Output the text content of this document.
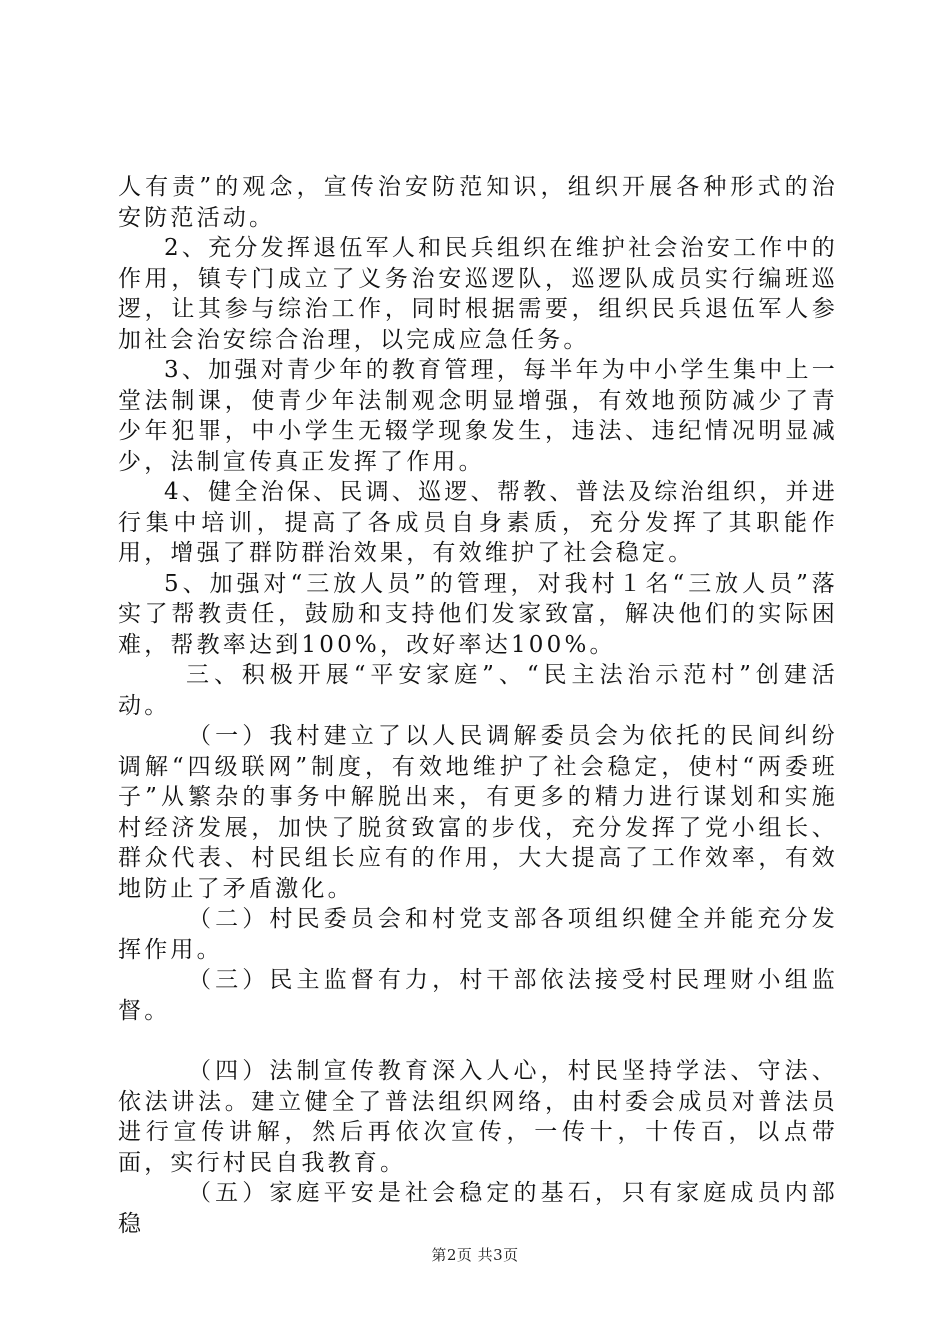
人有责”的观念，宣传治安防范知识，组织开展各种形式的治安防范活动。

2、充分发挥退伍军人和民兵组织在维护社会治安工作中的作用，镇专门成立了义务治安巡逻队，巡逻队成员实行编班巡逻，让其参与综治工作，同时根据需要，组织民兵退伍军人参加社会治安综合治理，以完成应急任务。

3、加强对青少年的教育管理，每半年为中小学生集中上一堂法制课，使青少年法制观念明显增强，有效地预防减少了青少年犯罪，中小学生无辍学现象发生，违法、违纪情况明显减少，法制宣传真正发挥了作用。

4、健全治保、民调、巡逻、帮教、普法及综治组织，并进行集中培训，提高了各成员自身素质，充分发挥了其职能作用，增强了群防群治效果，有效维护了社会稳定。

5、加强对“三放人员”的管理，对我村１名“三放人员”落实了帮教责任，鼓励和支持他们发家致富，解决他们的实际困难，帮教率达到100%，改好率达100%。

三、积极开展“平安家庭”、“民主法治示范村”创建活动。

（一）我村建立了以人民调解委员会为依托的民间纠纷调解“四级联网”制度，有效地维护了社会稳定，使村“两委班子”从繁杂的事务中解脱出来，有更多的精力进行谋划和实施村经济发展，加快了脱贫致富的步伐，充分发挥了党小组长、群众代表、村民组长应有的作用，大大提高了工作效率，有效地防止了矛盾激化。

（二）村民委员会和村党支部各项组织健全并能充分发挥作用。

（三）民主监督有力，村干部依法接受村民理财小组监督。

（四）法制宣传教育深入人心，村民坚持学法、守法、依法讲法。建立健全了普法组织网络，由村委会成员对普法员进行宣传讲解，然后再依次宣传，一传十，十传百，以点带面，实行村民自我教育。

（五）家庭平安是社会稳定的基石，只有家庭成员内部稳

第2页 共3页
